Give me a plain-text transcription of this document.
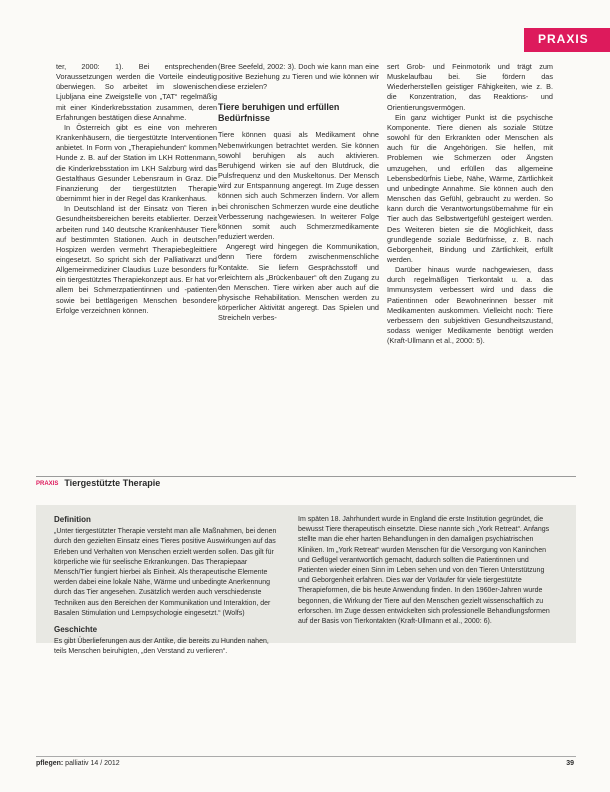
PRAXIS

ter, 2000: 1). Bei entsprechenden Voraussetzungen werden die Vorteile eindeutig überwiegen. So arbeitet im slowenischen Ljubljana eine Zweigstelle von „TAT“ regelmäßig mit einer Kinderkrebsstation zusammen, deren Erfahrungen bestätigen diese Annahme.

In Österreich gibt es eine von mehreren Krankenhäusern, die tiergestützte Interventionen anbietet. In Form von „Therapiehunden“ kommen Hunde z. B. auf der Station im LKH Rottenmann, die Kinderkrebsstation im LKH Salzburg wird das Gestalthaus Gesunder Lebensraum in Graz. Die Finanzierung der tiergestützten Therapie übernimmt hier in der Regel das Krankenhaus.

In Deutschland ist der Einsatz von Tieren in Gesundheitsbereichen bereits etablierter. Derzeit arbeiten rund 140 deutsche Krankenhäuser Tiere auf bestimmten Stationen. Auch in deutschen Hospizen werden vermehrt Therapiebegleittiere eingesetzt. So spricht sich der Palliativarzt und Allgemeinmediziner Claudius Luze besonders für ein tiergestütztes Therapiekonzept aus. Er hat vor allem bei Schmerzpatientinnen und -patienten sowie bei bettlägerigen Menschen besondere Erfolge verzeichnen können.

(Bree Seefeld, 2002: 3). Doch wie kann man eine positive Beziehung zu Tieren und wie können wir diese erzielen?

Tiere beruhigen und erfüllen Bedürfnisse

Tiere können quasi als Medikament ohne Nebenwirkungen betrachtet werden. Sie können sowohl beruhigen als auch aktivieren. Beruhigend wirken sie auf den Blutdruck, die Pulsfrequenz und den Muskeltonus. Der Mensch wird zur Entspannung angeregt. Im Zuge dessen können sich auch Schmerzen lindern. Vor allem bei chronischen Schmerzen wurde eine deutliche Verbesserung nachgewiesen. In weiterer Folge können somit auch Schmerzmedikamente reduziert werden.

Angeregt wird hingegen die Kommunikation, denn Tiere fördern zwischenmenschliche Kontakte. Sie liefern Gesprächsstoff und erleichtern als „Brückenbauer“ oft den Zugang zu den Menschen. Tiere wirken aber auch auf die physische Rehabilitation. Menschen werden zu körperlicher Aktivität angeregt. Das Spielen und Streicheln verbes-

sert Grob- und Feinmotorik und trägt zum Muskelaufbau bei. Sie fördern das Wiederherstellen geistiger Fähigkeiten, wie z. B. die Konzentration, das Reaktions- und Orientierungsvermögen.

Ein ganz wichtiger Punkt ist die psychische Komponente. Tiere dienen als soziale Stütze sowohl für den Erkrankten oder Menschen als auch für die Angehörigen. Sie helfen, mit Problemen wie Schmerzen oder Ängsten umzugehen, und erfüllen das allgemeine Lebensbedürfnis Liebe, Nähe, Wärme, Zärtlichkeit und unbedingte Annahme. Sie können auch den Menschen das Gefühl, gebraucht zu werden. So kann durch die Verantwortungsübernahme für ein Tier auch das Selbstwertgefühl gesteigert werden. Des Weiteren bieten sie die Möglichkeit, dass grundlegende soziale Bedürfnisse, z. B. nach Geborgenheit, Bindung und Zärtlichkeit, erfüllt werden.

Darüber hinaus wurde nachgewiesen, dass durch regelmäßigen Tierkontakt u. a. das Immunsystem verbessert wird und dass die Patientinnen oder Bewohnerinnen besser mit Medikamenten auskommen. Vielleicht noch: Tiere verbessern den subjektiven Gesundheitszustand, sodass weniger Medikamente benötigt werden (Kraft-Ullmann et al., 2000: 5).

PRAXIS Tiergestützte Therapie
Definition

„Unter tiergestützter Therapie versteht man alle Maßnahmen, bei denen durch den gezielten Einsatz eines Tieres positive Auswirkungen auf das Erleben und Verhalten von Menschen erzielt werden sollen. Das gilt für körperliche wie für seelische Erkrankungen. Das Therapiepaar Mensch/Tier fungiert hierbei als Einheit. Als therapeutische Elemente werden dabei eine lokale Nähe, Wärme und unbedingte Anerkennung durch das Tier angesehen. Zusätzlich werden auch verschiedenste Techniken aus den Bereichen der Kommunikation und Interaktion, der Basalen Stimulation und Lernpsychologie eingesetzt.“ (Wolfs)

Geschichte

Es gibt Überlieferungen aus der Antike, die bereits zu Hunden nahen, teils Menschen beiruhigten, „den Verstand zu verlieren“.

Im späten 18. Jahrhundert wurde in England die erste Institution gegründet, die bewusst Tiere therapeutisch einsetzte. Diese nannte sich „York Retreat“. Anfangs stellte man die eher harten Behandlungen in den damaligen psychiatrischen Kliniken. Im „York Retreat“ wurden Menschen für die Versorgung von Kaninchen und Geflügel verantwortlich gemacht, dadurch sollten die Patientinnen und Patienten wieder einen Sinn im Leben sehen und von den Tieren Unterstützung und Geborgenheit erfahren. Dies war der Vorläufer für viele tiergestützte Therapieformen, die bis heute Anwendung finden. In den 1960er-Jahren wurde begonnen, die Wirkung der Tiere auf den Menschen gezielt wissenschaftlich zu erforschen. Im Zuge dessen entwickelten sich professionelle Behandlungsformen auf der Basis von Tierkontakten (Kraft-Ullmann et al., 2000: 6).

pflegen: palliativ 14 / 2012	39
